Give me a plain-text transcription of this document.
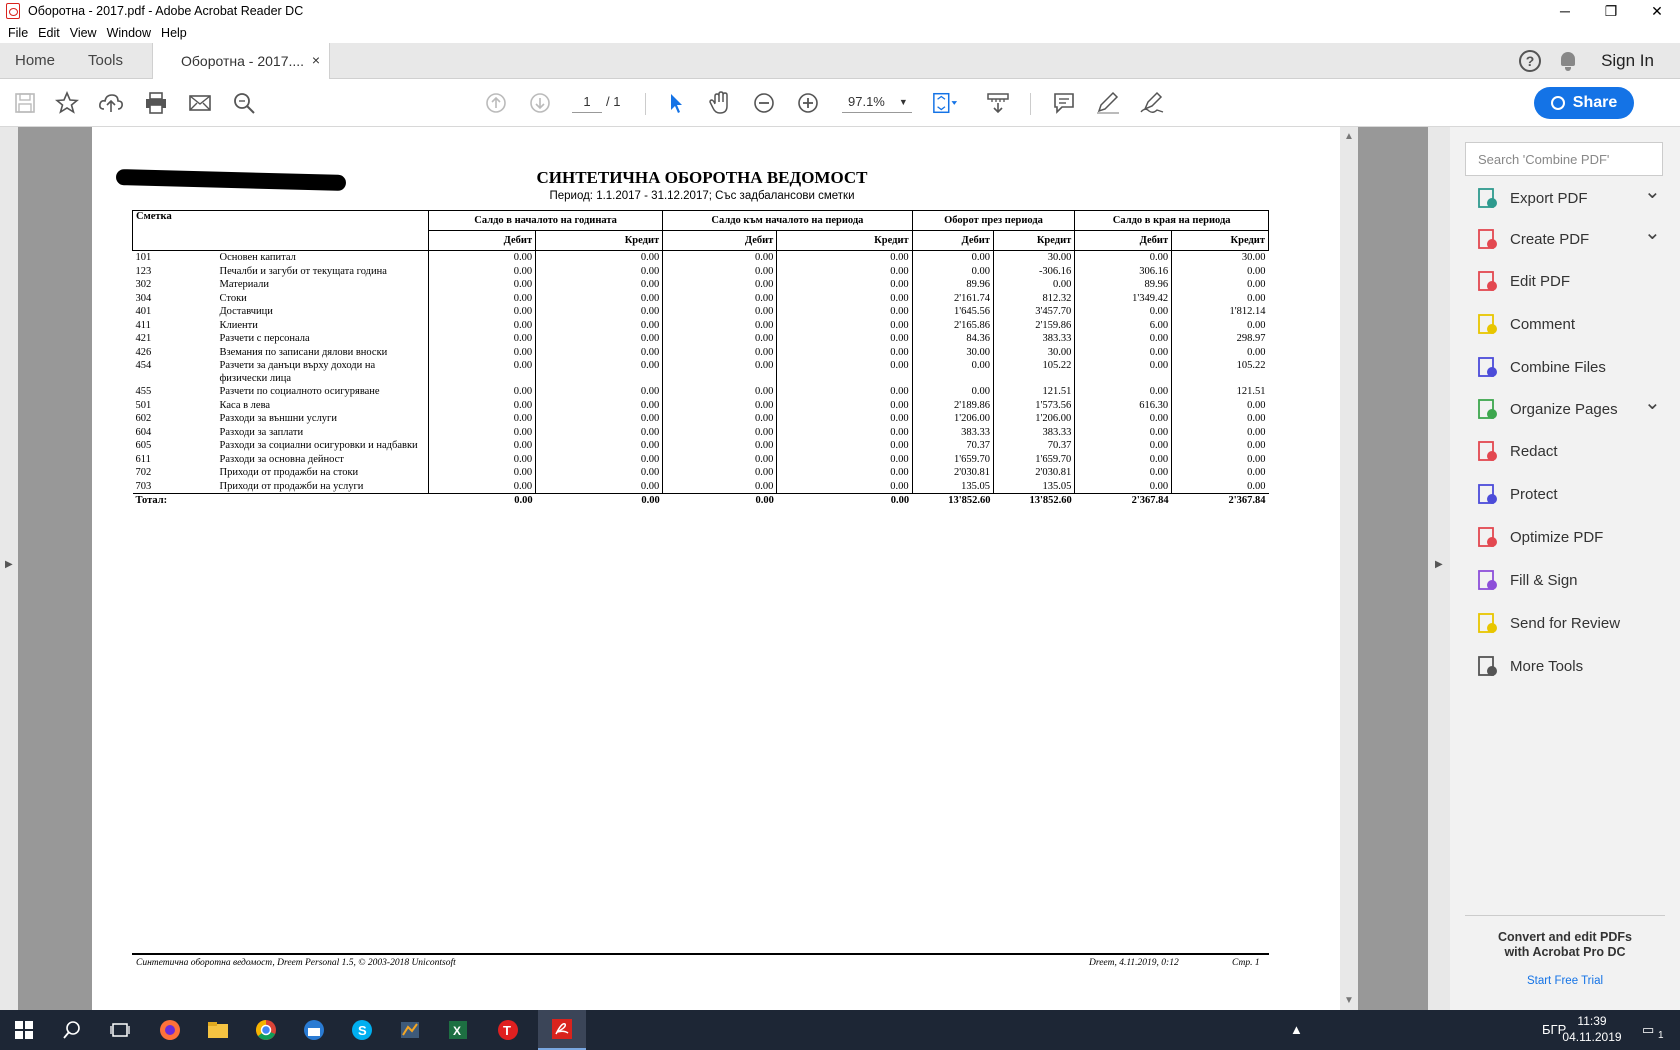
Оборотна - 2017.pdf - Adobe Acrobat Reader DC	─	❐	✕
File Edit View Window Help
Home Tools	Оборотна - 2017.... ×	?	Sign In
1	/ 1	97.1% ▼	Share
▶
▲
▼
▶
СИНТЕТИЧНА ОБОРОТНА ВЕДОМОСТ
Период: 1.1.2017 - 31.12.2017; Със задбалансови сметки
Сметка		Салдо в началото на годината		Салдо към началото на периода		Оборот през периода		Салдо в края на периода	
		Дебит	Кредит	Дебит	Кредит	Дебит	Кредит	Дебит	Кредит
101	Основен капитал	0.00	0.00	0.00	0.00	0.00	30.00	0.00	30.00
123	Печалби и загуби от текущата година	0.00	0.00	0.00	0.00	0.00	-306.16	306.16	0.00
302	Материали	0.00	0.00	0.00	0.00	89.96	0.00	89.96	0.00
304	Стоки	0.00	0.00	0.00	0.00	2'161.74	812.32	1'349.42	0.00
401	Доставчици	0.00	0.00	0.00	0.00	1'645.56	3'457.70	0.00	1'812.14
411	Клиенти	0.00	0.00	0.00	0.00	2'165.86	2'159.86	6.00	0.00
421	Разчети с персонала	0.00	0.00	0.00	0.00	84.36	383.33	0.00	298.97
426	Вземания по записани дялови вноски	0.00	0.00	0.00	0.00	30.00	30.00	0.00	0.00
454	Разчети за данъци върху доходи на физически лица	0.00	0.00	0.00	0.00	0.00	105.22	0.00	105.22
455	Разчети по социалното осигуряване	0.00	0.00	0.00	0.00	0.00	121.51	0.00	121.51
501	Каса в лева	0.00	0.00	0.00	0.00	2'189.86	1'573.56	616.30	0.00
602	Разходи за външни услуги	0.00	0.00	0.00	0.00	1'206.00	1'206.00	0.00	0.00
604	Разходи за заплати	0.00	0.00	0.00	0.00	383.33	383.33	0.00	0.00
605	Разходи за социални осигуровки и надбавки	0.00	0.00	0.00	0.00	70.37	70.37	0.00	0.00
611	Разходи за основна дейност	0.00	0.00	0.00	0.00	1'659.70	1'659.70	0.00	0.00
702	Приходи от продажби на стоки	0.00	0.00	0.00	0.00	2'030.81	2'030.81	0.00	0.00
703	Приходи от продажби на услуги	0.00	0.00	0.00	0.00	135.05	135.05	0.00	0.00
Тотал:		0.00	0.00	0.00	0.00	13'852.60	13'852.60	2'367.84	2'367.84
Синтетична оборотна ведомост, Dreem Personal 1.5, © 2003-2018 Unicontsoft	Dreem, 4.11.2019, 0:12	Стр. 1
Search 'Combine PDF'
Export PDF	⌄
Create PDF	⌄
Edit PDF
Comment
Combine Files
Organize Pages ⌄
Redact
Protect
Optimize PDF
Fill & Sign
Send for Review
More Tools
Convert and edit PDFs
with Acrobat Pro DC
Start Free Trial
S	X	T	▲	БГР
11:39
04.11.2019	▭ 1
